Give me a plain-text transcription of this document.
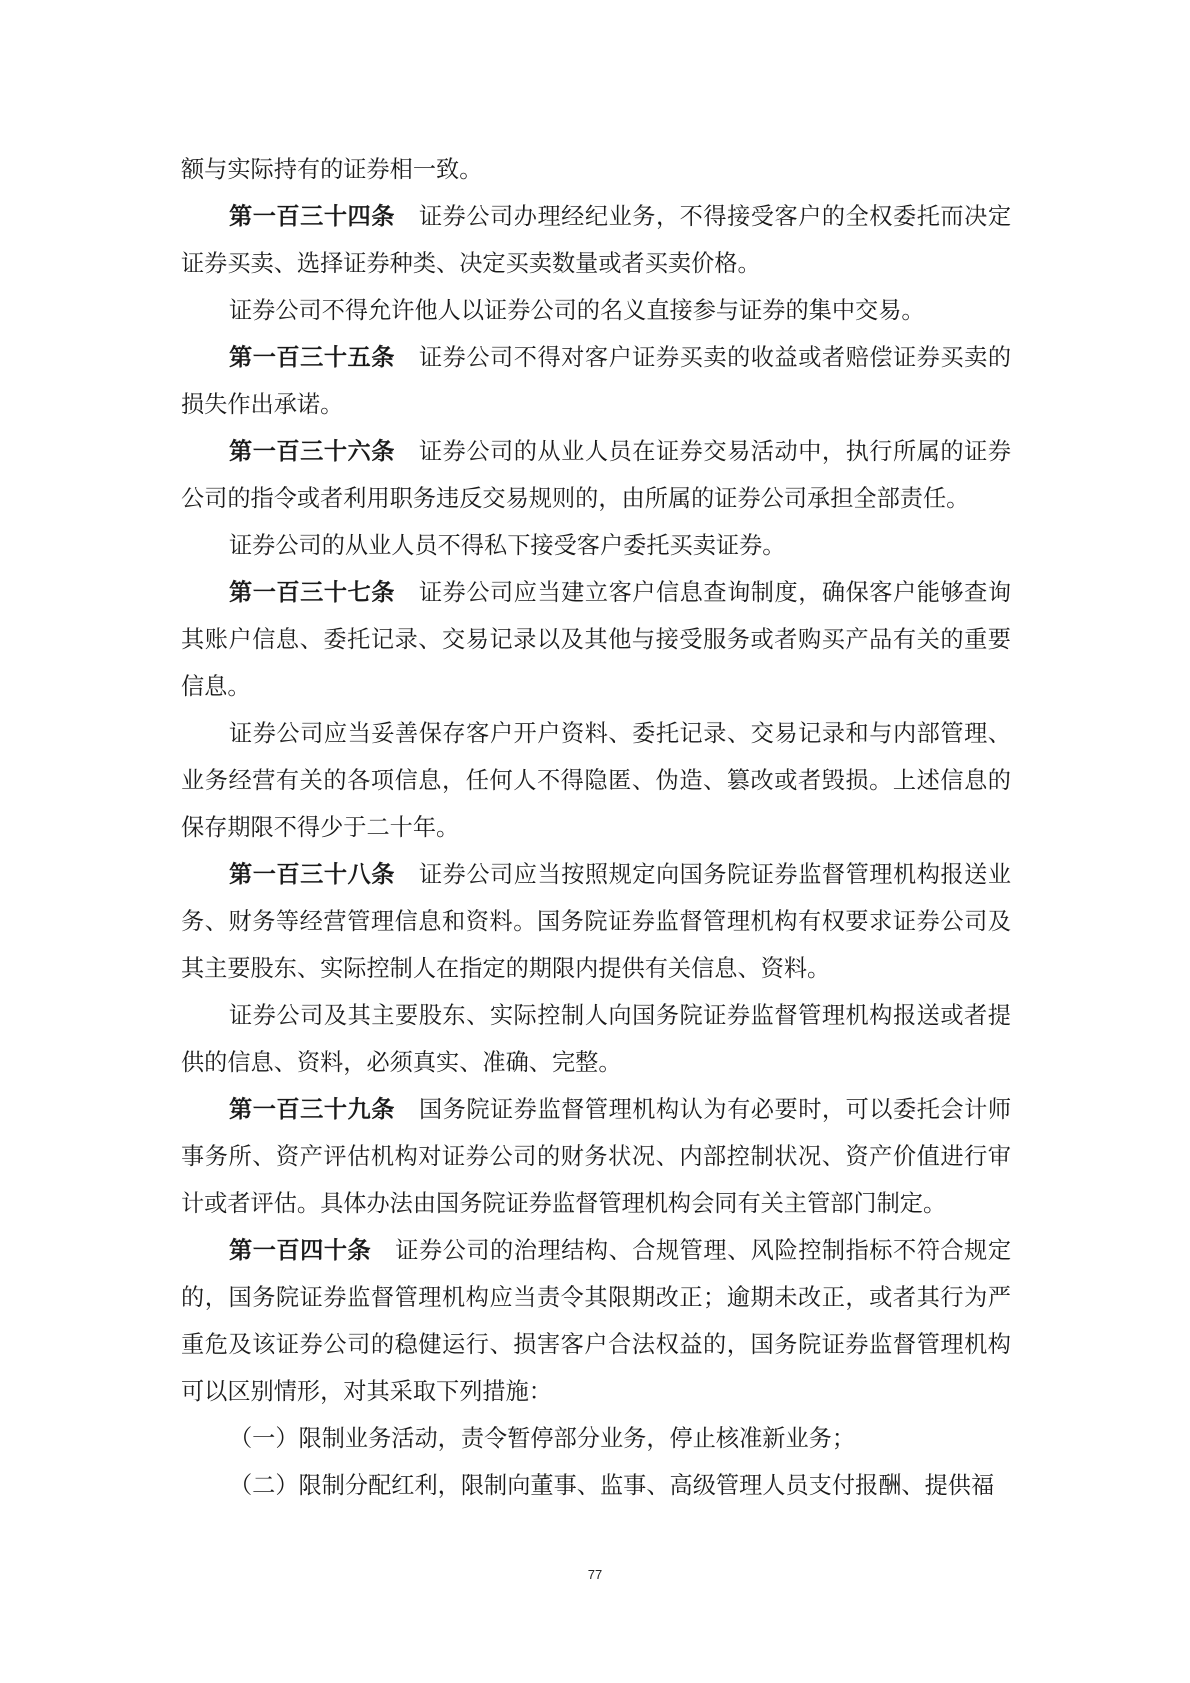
额与实际持有的证券相一致。

第一百三十四条 证券公司办理经纪业务，不得接受客户的全权委托而决定证券买卖、选择证券种类、决定买卖数量或者买卖价格。

证券公司不得允许他人以证券公司的名义直接参与证券的集中交易。

第一百三十五条 证券公司不得对客户证券买卖的收益或者赔偿证券买卖的损失作出承诺。

第一百三十六条 证券公司的从业人员在证券交易活动中，执行所属的证券公司的指令或者利用职务违反交易规则的，由所属的证券公司承担全部责任。

证券公司的从业人员不得私下接受客户委托买卖证券。

第一百三十七条 证券公司应当建立客户信息查询制度，确保客户能够查询其账户信息、委托记录、交易记录以及其他与接受服务或者购买产品有关的重要信息。

证券公司应当妥善保存客户开户资料、委托记录、交易记录和与内部管理、业务经营有关的各项信息，任何人不得隐匿、伪造、篡改或者毁损。上述信息的保存期限不得少于二十年。

第一百三十八条 证券公司应当按照规定向国务院证券监督管理机构报送业务、财务等经营管理信息和资料。国务院证券监督管理机构有权要求证券公司及其主要股东、实际控制人在指定的期限内提供有关信息、资料。

证券公司及其主要股东、实际控制人向国务院证券监督管理机构报送或者提供的信息、资料，必须真实、准确、完整。

第一百三十九条 国务院证券监督管理机构认为有必要时，可以委托会计师事务所、资产评估机构对证券公司的财务状况、内部控制状况、资产价值进行审计或者评估。具体办法由国务院证券监督管理机构会同有关主管部门制定。

第一百四十条 证券公司的治理结构、合规管理、风险控制指标不符合规定的，国务院证券监督管理机构应当责令其限期改正；逾期未改正，或者其行为严重危及该证券公司的稳健运行、损害客户合法权益的，国务院证券监督管理机构可以区别情形，对其采取下列措施：

（一）限制业务活动，责令暂停部分业务，停止核准新业务；

（二）限制分配红利，限制向董事、监事、高级管理人员支付报酬、提供福

77
